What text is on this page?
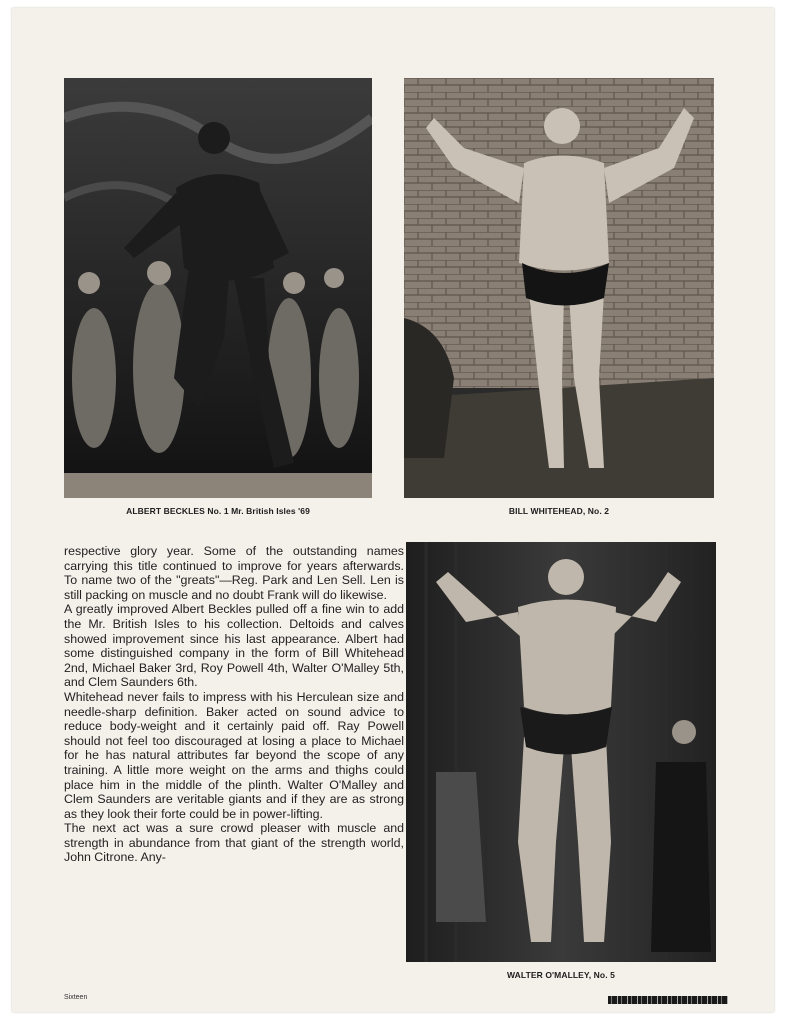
ALBERT BECKLES No. 1 Mr. British Isles '69	BILL WHITEHEAD, No. 2

respective glory year. Some of the outstanding names carrying this title continued to improve for years afterwards. To name two of the "greats"—Reg. Park and Len Sell. Len is still packing on muscle and no doubt Frank will do likewise.

A greatly improved Albert Beckles pulled off a fine win to add the Mr. British Isles to his collection. Deltoids and calves showed improvement since his last appearance. Albert had some distinguished company in the form of Bill Whitehead 2nd, Michael Baker 3rd, Roy Powell 4th, Walter O'Malley 5th, and Clem Saunders 6th.

Whitehead never fails to impress with his Herculean size and needle-sharp definition. Baker acted on sound advice to reduce body-weight and it certainly paid off. Ray Powell should not feel too discouraged at losing a place to Michael for he has natural attributes far beyond the scope of any training. A little more weight on the arms and thighs could place him in the middle of the plinth. Walter O'Malley and Clem Saunders are veritable giants and if they are as strong as they look their forte could be in power-lifting.

The next act was a sure crowd pleaser with muscle and strength in abundance from that giant of the strength world, John Citrone. Any-

WALTER O'MALLEY, No. 5
Sixteen
